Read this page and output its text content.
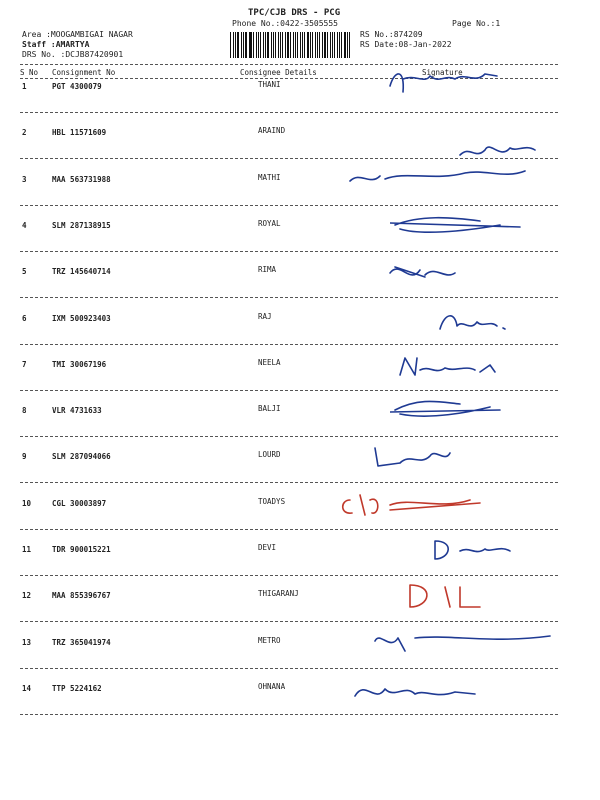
TPC/CJB DRS - PCG
Phone No.:0422-3505555	Page No.:1
Area :MOOGAMBIGAI NAGAR
Staff :AMARTYA
DRS No. :DCJB87420901
RS No.:874209
RS Date:08-Jan-2022
S No Consignment No	Consignee Details	Signature
1	PGT 4300079	THANI
2	HBL 11571609	ARAIND
3	MAA 563731988	MATHI
4	SLM 287138915	ROYAL
5	TRZ 145640714	RIMA
6	IXM 500923403	RAJ
7	TMI 30067196	NEELA
8	VLR 4731633	BALJI
9	SLM 287094066	LOURD
10	CGL 30003897	TOADYS
11	TDR 900015221	DEVI
12	MAA 855396767	THIGARANJ
13	TRZ 365041974	METRO
14	TTP 5224162	OHNANA
